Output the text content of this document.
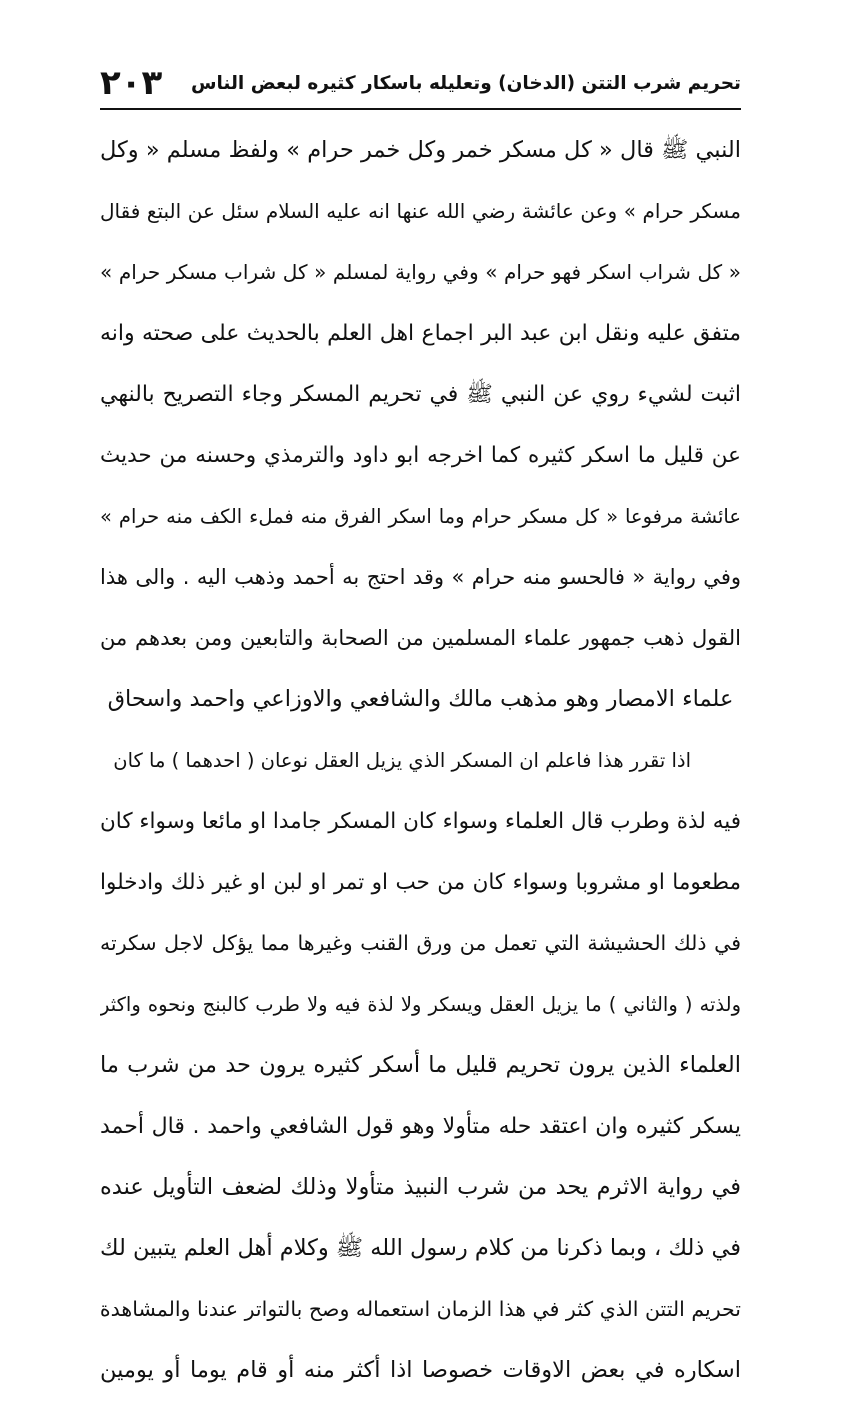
تحريم شرب التتن (الدخان) وتعليله باسكار كثيره لبعض الناس
٢٠٣
النبي ﷺ قال « كل مسكر خمر وكل خمر حرام » ولفظ مسلم « وكل
مسكر حرام » وعن عائشة رضي الله عنها انه عليه السلام سئل عن البتع فقال
« كل شراب اسكر فهو حرام » وفي رواية لمسلم « كل شراب مسكر حرام »
متفق عليه ونقل ابن عبد البر اجماع اهل العلم بالحديث على صحته وانه
اثبت لشيء روي عن النبي ﷺ في تحريم المسكر وجاء التصريح بالنهي
عن قليل ما اسكر كثيره كما اخرجه ابو داود والترمذي وحسنه من حديث
عائشة مرفوعا « كل مسكر حرام وما اسكر الفرق منه فملء الكف منه حرام »
وفي رواية « فالحسو منه حرام » وقد احتج به أحمد وذهب اليه . والى هذا
القول ذهب جمهور علماء المسلمين من الصحابة والتابعين ومن بعدهم من
علماء الامصار وهو مذهب مالك والشافعي والاوزاعي واحمد واسحاق
اذا تقرر هذا فاعلم ان المسكر الذي يزيل العقل نوعان ( احدهما ) ما كان
فيه لذة وطرب قال العلماء وسواء كان المسكر جامدا او مائعا وسواء كان
مطعوما او مشروبا وسواء كان من حب او تمر او لبن او غير ذلك وادخلوا
في ذلك الحشيشة التي تعمل من ورق القنب وغيرها مما يؤكل لاجل سكرته
ولذته ( والثاني ) ما يزيل العقل ويسكر ولا لذة فيه ولا طرب كالبنج ونحوه واكثر
العلماء الذين يرون تحريم قليل ما أسكر كثيره يرون حد من شرب ما
يسكر كثيره وان اعتقد حله متأولا وهو قول الشافعي واحمد . قال أحمد
في رواية الاثرم يحد من شرب النبيذ متأولا وذلك لضعف التأويل عنده
في ذلك ، وبما ذكرنا من كلام رسول الله ﷺ وكلام أهل العلم يتبين لك
تحريم التتن الذي كثر في هذا الزمان استعماله وصح بالتواتر عندنا والمشاهدة
اسكاره في بعض الاوقات خصوصا اذا أكثر منه أو قام يوما أو يومين
